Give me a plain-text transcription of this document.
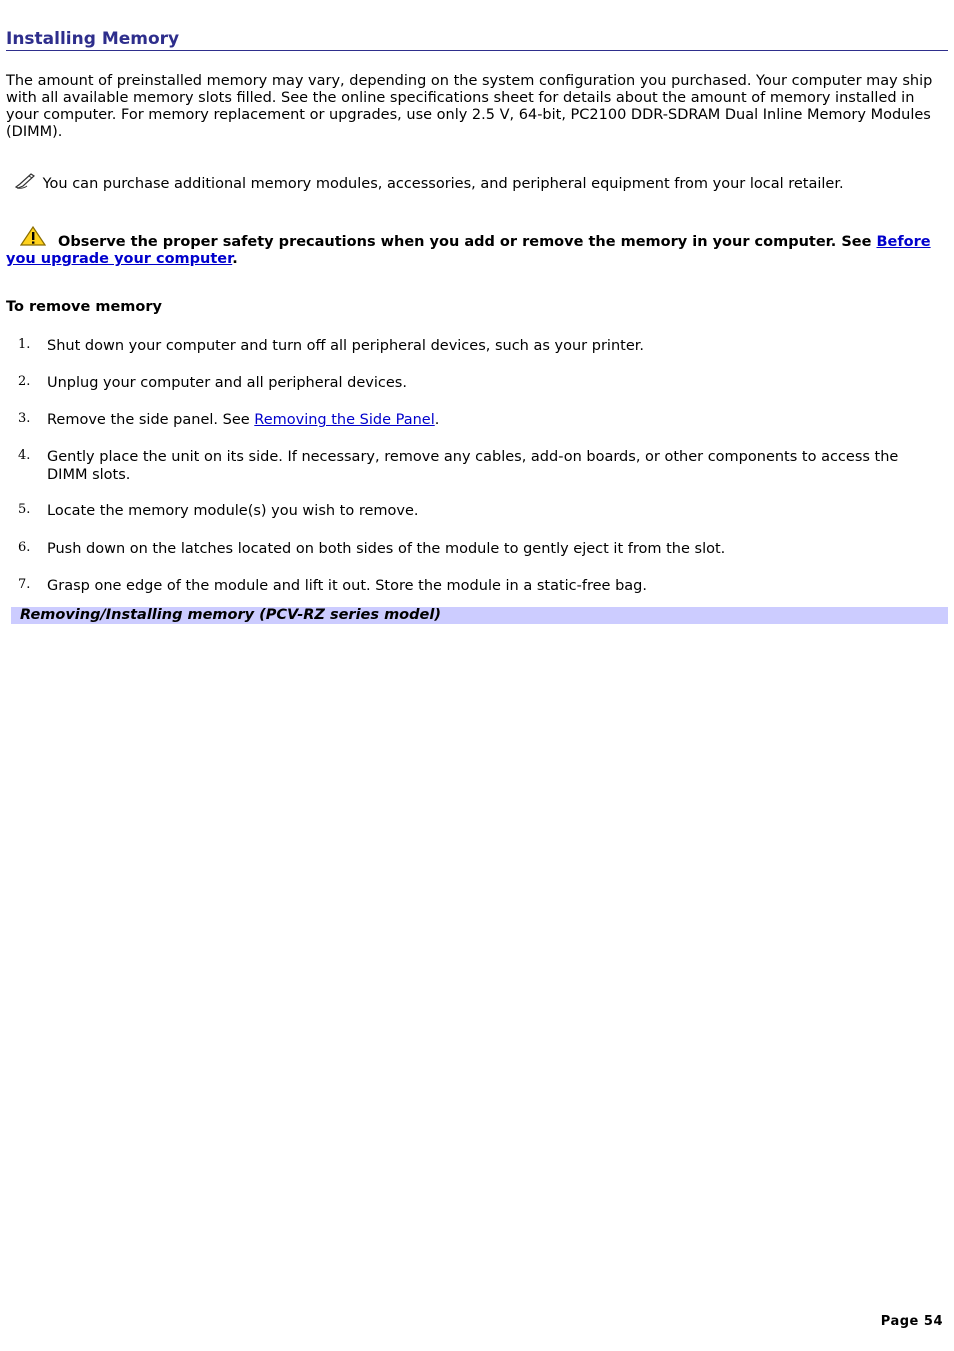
Installing Memory
The amount of preinstalled memory may vary, depending on the system configuration you purchased. Your computer may ship with all available memory slots filled. See the online specifications sheet for details about the amount of memory installed in your computer. For memory replacement or upgrades, use only 2.5 V, 64-bit, PC2100 DDR-SDRAM Dual Inline Memory Modules (DIMM).
You can purchase additional memory modules, accessories, and peripheral equipment from your local retailer.
Observe the proper safety precautions when you add or remove the memory in your computer. See Before you upgrade your computer.
To remove memory
1. Shut down your computer and turn off all peripheral devices, such as your printer.
2. Unplug your computer and all peripheral devices.
3. Remove the side panel. See Removing the Side Panel.
4. Gently place the unit on its side. If necessary, remove any cables, add-on boards, or other components to access the DIMM slots.
5. Locate the memory module(s) you wish to remove.
6. Push down on the latches located on both sides of the module to gently eject it from the slot.
7. Grasp one edge of the module and lift it out. Store the module in a static-free bag.
Removing/Installing memory (PCV-RZ series model)
Page 54
